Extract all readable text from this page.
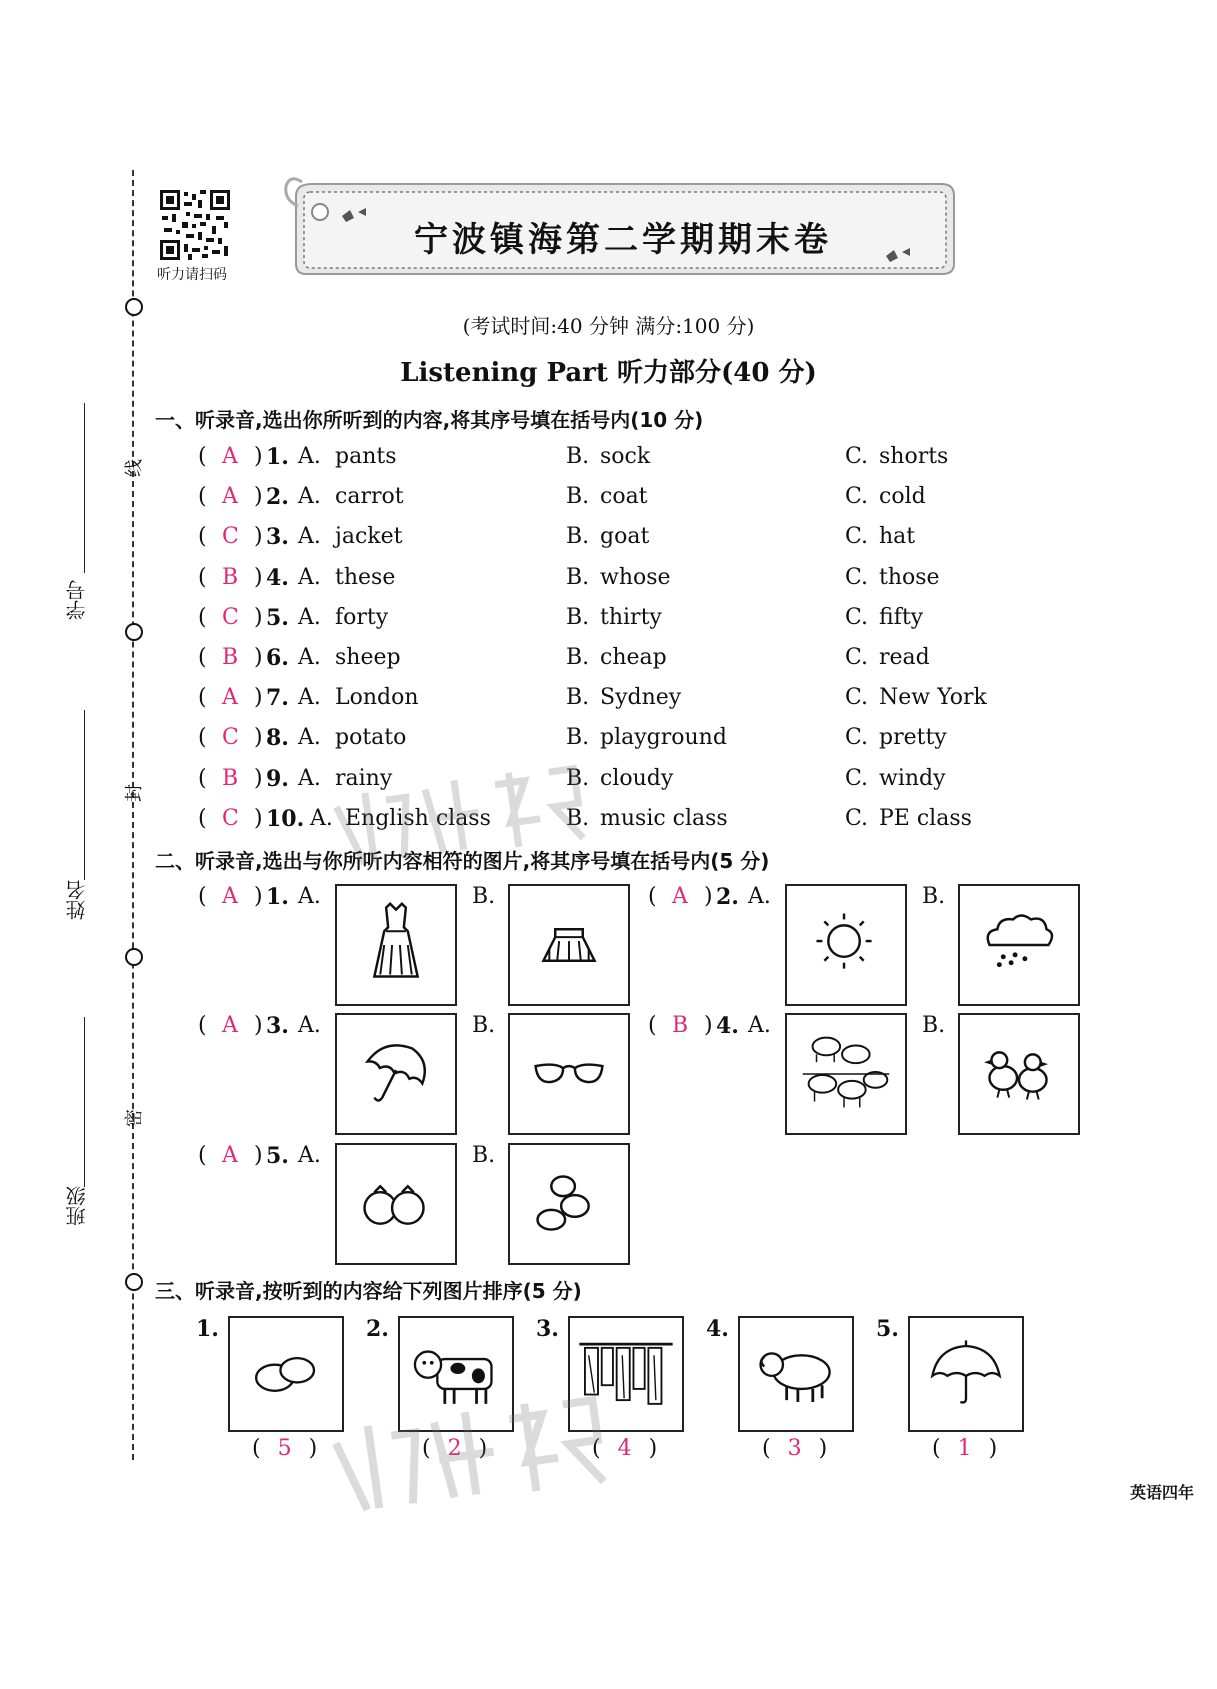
线
封
密
学号
姓名
班级
听力请扫码
宁波镇海第二学期期末卷
(考试时间:40 分钟 满分:100 分)
Listening Part 听力部分(40 分)
一、听录音,选出你所听到的内容,将其序号填在括号内(10 分)
( A ) 1. A. pants	B. sock	C. shorts
( A ) 2. A. carrot	B. coat	C. cold
( C ) 3. A. jacket	B. goat	C. hat
( B ) 4. A. these	B. whose	C. those
( C ) 5. A. forty	B. thirty	C. fifty
( B ) 6. A. sheep	B. cheap	C. read
( A ) 7. A. London	B. Sydney	C. New York
( C ) 8. A. potato	B. playground	C. pretty
( B ) 9. A. rainy	B. cloudy	C. windy
( C ) 10. A. English class	B. music class	C. PE class
二、听录音,选出与你所听内容相符的图片,将其序号填在括号内(5 分)
( A ) 1. A.	B.	( A ) 2. A.	B.
( A ) 3. A.	B.	( B ) 4. A.	B.
( A ) 5. A.	B.
三、听录音,按听到的内容给下列图片排序(5 分)
1.
( 5 )
2.
( 2 )
3.
( 4 )
4.
( 3 )
5.
( 1 )
英语四年
